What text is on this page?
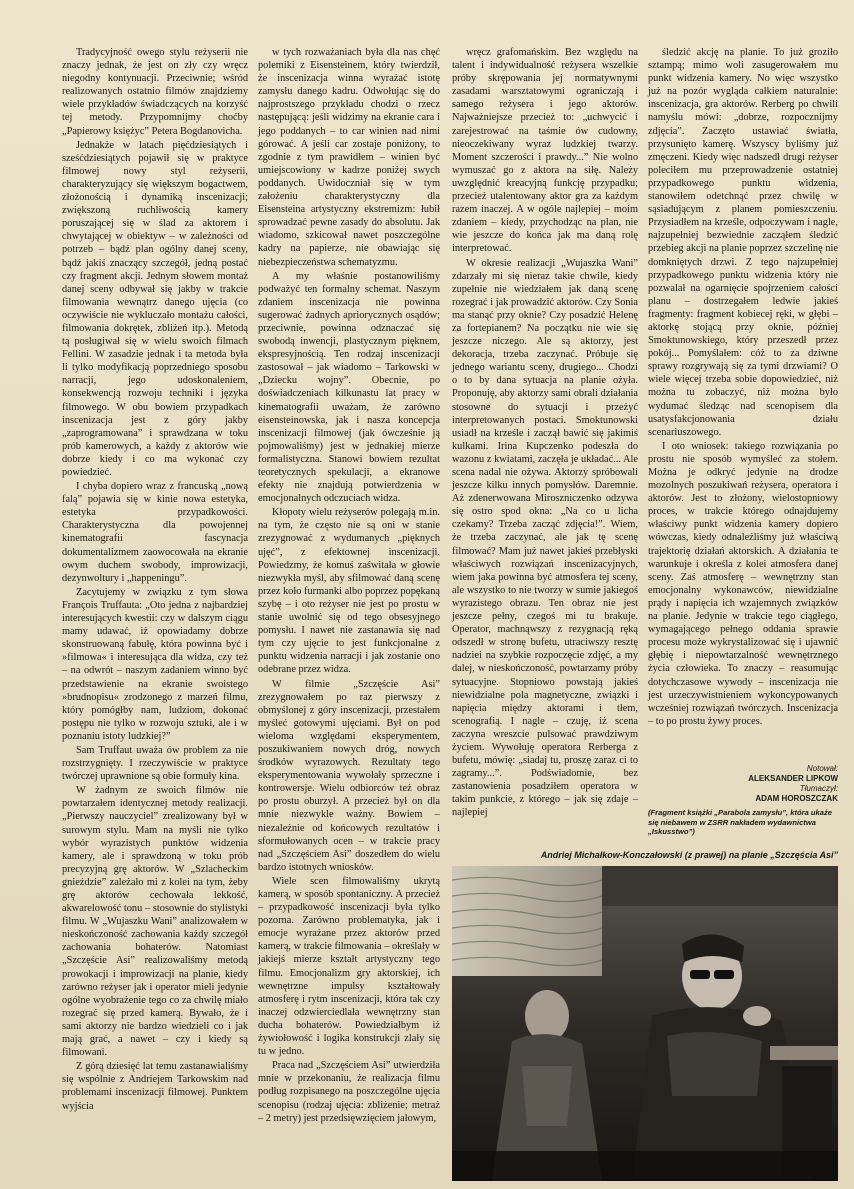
Tradycyjność owego stylu reżyserii nie znaczy jednak, że jest on zły czy wręcz niegodny kontynuacji. Przeciwnie; wśród realizowanych ostatnio filmów znajdziemy wiele przykładów świadczących na korzyść tej metody. Przypomnijmy choćby „Papierowy księżyc” Petera Bogdanovicha.

Jednakże w latach pięćdziesiątych i sześćdziesiątych pojawił się w praktyce filmowej nowy styl reżyserii, charakteryzujący się większym bogactwem, złożonością i dynamiką inscenizacji; zwiększoną ruchliwością kamery poruszającej się w ślad za aktorem i chwytającej w obiektyw – w zależności od potrzeb – bądź plan ogólny danej sceny, bądź jakiś znaczący szczegół, jedną postać czy fragment akcji. Jednym słowem montaż danej sceny odbywał się jakby w trakcie filmowania wewnątrz danego ujęcia (co oczywiście nie wykluczało montażu całości, filmowania dokrętek, zbliżeń itp.). Metodą tą posługiwał się w wielu swoich filmach Fellini. W zasadzie jednak i ta metoda była li tylko modyfikacją poprzedniego sposobu narracji, jego udoskonaleniem, konsekwencją rozwoju techniki i języka filmowego. W obu bowiem przypadkach inscenizacja jest z góry jakby „zaprogramowana” i sprawdzana w toku prób kamerowych, a każdy z aktorów wie dobrze kiedy i co ma wykonać czy powiedzieć.

I chyba dopiero wraz z francuską „nową falą” pojawia się w kinie nowa estetyka, estetyka przypadkowości. Charakterystyczna dla powojennej kinematografii fascynacja dokumentalizmem zaowocowała na ekranie owym duchem swobody, improwizacji, dezynwoltury i „happeningu”.

Zacytujemy w związku z tym słowa François Truffauta: „Oto jedna z najbardziej interesujących kwestii: czy w dalszym ciągu mamy udawać, iż opowiadamy dobrze skonstruowaną fabułę, która powinna być i »filmowa« i interesująca dla widza, czy też – na odwrót – naszym zadaniem winno być przedstawienie na ekranie swoistego »brudnopisu« zrodzonego z marzeń filmu, który pomógłby nam, ludziom, dokonać postępu nie tylko w rozwoju sztuki, ale i w poznaniu istoty ludzkiej?”

Sam Truffaut uważa ów problem za nie rozstrzygnięty. I rzeczywiście w praktyce twórczej uprawnione są obie formuły kina.

W żadnym ze swoich filmów nie powtarzałem identycznej metody realizacji. „Pierwszy nauczyciel” zrealizowany był w surowym stylu. Mam na myśli nie tylko wybór wyrazistych punktów widzenia kamery, ale i sprawdzoną w toku prób precyzyjną grę aktorów. W „Szlacheckim gnieździe” zależało mi z kolei na tym, żeby grę aktorów cechowała lekkość, akwarelowość tonu – stosownie do stylistyki filmu. W „Wujaszku Wani” analizowałem w nieskończoność zachowania każdy szczegół zachowania bohaterów. Natomiast „Szczęście Asi” realizowaliśmy metodą prowokacji i improwizacji na planie, kiedy zarówno reżyser jak i operator mieli jedynie ogólne wyobrażenie tego co za chwilę miało rozegrać się przed kamerą. Bywało, że i sami aktorzy nie bardzo wiedzieli co i jak mają grać, a nawet – czy i kiedy są filmowani.

Z górą dziesięć lat temu zastanawialiśmy się wspólnie z Andriejem Tarkowskim nad problemami inscenizacji filmowej. Punktem wyjścia

w tych rozważaniach była dla nas chęć polemiki z Eisensteinem, który twierdził, że inscenizacja winna wyrażać istotę zamysłu danego kadru. Odwołując się do najprostszego przykładu chodzi o rzecz następującą: jeśli widzimy na ekranie cara i jego poddanych – to car winien nad nimi górować. A jeśli car zostaje poniżony, to zgodnie z tym prawidłem – winien być umiejscowiony w kadrze poniżej swych poddanych. Uwidoczniał się w tym założeniu charakterystyczny dla Eisensteina artystyczny ekstremizm: łubił sprowadzać pewne zasady do absolutu. Jak wiadomo, szkicował nawet poszczególne kadry na papierze, nie obawiając się niebezpieczeństwa schematyzmu.

A my właśnie postanowiliśmy podważyć ten formalny schemat. Naszym zdaniem inscenizacja nie powinna sugerować żadnych apriorycznych osądów; przeciwnie, powinna odznaczać się swobodą inwencji, plastycznym pięknem, ekspresyjnością. Ten rodzaj inscenizacji zastosował – jak wiadomo – Tarkowski w „Dziecku wojny”. Obecnie, po doświadczeniach kilkunastu lat pracy w kinematografii uważam, że zarówno eisensteinowska, jak i nasza koncepcja inscenizacji filmowej (jak ówcześnie ją pojmowaliśmy) jest w jednakiej mierze formalistyczna. Stanowi bowiem rezultat teoretycznych spekulacji, a ekranowe efekty nie znajdują potwierdzenia w emocjonalnych odczuciach widza.

Kłopoty wielu reżyserów polegają m.in. na tym, że często nie są oni w stanie zrezygnować z wydumanych „pięknych ujęć”, z efektownej inscenizacji. Powiedzmy, że komuś zaświtała w głowie niezwykła myśl, aby sfilmować daną scenę przez koło furmanki albo poprzez popękaną szybę – i oto reżyser nie jest po prostu w stanie uwolnić się od tego obsesyjnego pomysłu. I nawet nie zastanawia się nad tym czy ujęcie to jest funkcjonalne z punktu widzenia narracji i jak zostanie ono odebrane przez widza.

W filmie „Szczęście Asi” zrezygnowałem po raz pierwszy z obmyślonej z góry inscenizacji, przestałem myśleć gotowymi ujęciami. Był on pod wieloma względami eksperymentem, poszukiwaniem nowych dróg, nowych środków wyrazowych. Rezultaty tego eksperymentowania wywołały sprzeczne i kontrowersje. Wielu odbiorców też obraz po prostu oburzył. A przecież był on dla mnie niezwykle ważny. Bowiem – niezależnie od końcowych rezultatów i sformułowanych ocen – w trakcie pracy nad „Szczęściem Asi” doszedłem do wielu bardzo istotnych wniosków.

Wiele scen filmowaliśmy ukrytą kamerą, w sposób spontaniczny. A przecież – przypadkowość inscenizacji była tylko pozorna. Zarówno problematyka, jak i emocje wyrażane przez aktorów przed kamerą, w trakcie filmowania – określały w jakiejś mierze kształt artystyczny tego filmu. Emocjonalizm gry aktorskiej, ich wewnętrzne impulsy kształtowały atmosferę i rytm inscenizacji, która tak czy inaczej odzwierciedlała wewnętrzny stan ducha bohaterów. Powiedziałbym iż żywiołowość i logika konstrukcji zlały się tu w jedno.

Praca nad „Szczęściem Asi” utwierdziła mnie w przekonaniu, że realizacja filmu podług rozpisanego na poszczególne ujęcia scenopisu (rodzaj ujęcia: zbliżenie; metraż – 2 metry) jest przedsięwzięciem jałowym,

wręcz grafomańskim. Bez względu na talent i indywidualność reżysera wszelkie próby skrępowania jej normatywnymi zasadami warsztatowymi ograniczają i samego reżysera i jego aktorów. Najważniejsze przecież to: „uchwycić i zarejestrować na taśmie ów cudowny, nieoczekiwany wyraz ludzkiej twarzy. Moment szczerości i prawdy...” Nie wolno wymuszać go z aktora na siłę. Należy uwzględnić kreacyjną funkcję przypadku; przecież utalentowany aktor gra za każdym razem inaczej. A w ogóle najlepiej – moim zdaniem – kiedy, przychodząc na plan, nie wie jeszcze do końca jak ma daną rolę interpretować.

W okresie realizacji „Wujaszka Wani” zdarzały mi się nieraz takie chwile, kiedy zupełnie nie wiedziałem jak daną scenę rozegrać i jak prowadzić aktorów. Czy Sonia ma stanąć przy oknie? Czy posadzić Helenę za fortepianem? Na początku nie wie się jeszcze niczego. Ale są aktorzy, jest dekoracja, trzeba zaczynać. Próbuje się jednego wariantu sceny, drugiego... Chodzi o to by dana sytuacja na planie ożyła. Proponuję, aby aktorzy sami obrali działania stosowne do sytuacji i przeżyć interpretowanych postaci. Smoktunowski usiadł na krześle i zaczął bawić się jakimiś kulkami. Irina Kupczenko podeszła do wazonu z kwiatami, zaczęła je układać... Ale scena nadal nie ożywa. Aktorzy spróbowali jeszcze kilku innych pomysłów. Daremnie. Aż zdenerwowana Miroszniczenko odzywa się ostro spod okna: „Na co u licha czekamy? Trzeba zacząć zdjęcia!”. Wiem, że trzeba zaczynać, ale jak tę scenę filmować? Mam już nawet jakieś przebłyski właściwych rozwiązań inscenizacyjnych, wiem jaka powinna być atmosfera tej sceny, ale wszystko to nie tworzy w sumie jakiegoś wyrazistego obrazu. Ten obraz nie jest jeszcze pełny, czegoś mi tu brakuje. Operator, machnąwszy z rezygnacją ręką odszedł w stronę bufetu, utraciwszy resztę nadziei na szybkie rozpoczęcie zdjęć, a my dalej, w nieskończoność, powtarzamy próby sytuacyjne. Stopniowo powstają jakieś niewidzialne pola magnetyczne, związki i napięcia między aktorami i tłem, scenografią. I nagle – czuję, iż scena zaczyna wreszcie pulsować prawdziwym życiem. Wywołuję operatora Rerberga z bufetu, mówię: „siadaj tu, proszę zaraz ci to zagramy...”. Podświadomie, bez zastanowienia posadziłem operatora w takim punkcie, z którego – jak się zdaje – najlepiej

śledzić akcję na planie. To już groziło sztampą; mimo woli zasugerowałem mu punkt widzenia kamery. No więc wszystko już na pozór wygląda całkiem naturalnie: inscenizacja, gra aktorów. Rerberg po chwili namyślu mówi: „dobrze, rozpocznijmy zdjęcia”. Zaczęto ustawiać światła, przysunięto kamerę. Wszyscy byliśmy już zmęczeni. Kiedy więc nadszedł drugi reżyser poleciłem mu przeprowadzenie ostatniej przypadkowego punktu widzenia, stanowiłem odetchnąć przez chwilę w sąsiadującym z planem pomieszczeniu. Przysiadłem na krześle, odpoczywam i nagle, najzupełniej bezwiednie zacząłem śledzić przebieg akcji na planie poprzez szczelinę nie domkniętych drzwi. Z tego najzupełniej przypadkowego punktu widzenia który nie pozwalał na ogarnięcie spojrzeniem całości planu – dostrzegałem ledwie jakieś fragmenty: fragment kobiecej ręki, w głębi – aktorkę stojącą przy oknie, później Smoktunowskiego, który przeszedł przez pokój... Pomyślałem: cóż to za dziwne sprawy rozgrywają się za tymi drzwiami? O wiele więcej trzeba sobie dopowiedzieć, niż można tu zobaczyć, niż można było wydumać śledząc nad scenopisem dla usatysfakcjonowania działu scenariuszowego.

I oto wniosek: takiego rozwiązania po prostu nie sposób wymyśleć za stołem. Można je odkryć jedynie na drodze mozolnych poszukiwań reżysera, operatora i aktorów. Jest to złożony, wielostopniowy proces, w trakcie którego odnajdujemy właściwy punkt widzenia kamery dopiero wówczas, kiedy odnaleźliśmy już właściwą trajektorię działań aktorskich. A działania te warunkuje i określa z kolei atmosfera danej sceny. Zaś atmosferę – wewnętrzny stan emocjonalny wykonawców, niewidzialne prądy i napięcia ich wzajemnych związków na planie. Jedynie w trakcie tego ciągłego, wymagającego pełnego oddania sprawie procesu może wykrystalizować się i ujawnić głębię i niepowtarzalność wewnętrznego życia człowieka. To znaczy – reasumując dotychczasowe wywody – inscenizacja nie jest urzeczywistnieniem wykoncypowanych wcześniej rozwiązań twórczych. Inscenizacja – to po prostu żywy proces.

Notował:
ALEKSANDER LIPKOW
Tłumaczył:
ADAM HOROSZCZAK
(Fragment książki „Parabola zamysłu”, która ukaże się niebawem w ZSRR nakładem wydawnictwa „Iskusstwo”)
Andriej Michałkow-Konczałowski (z prawej) na planie „Szczęścia Asi”
